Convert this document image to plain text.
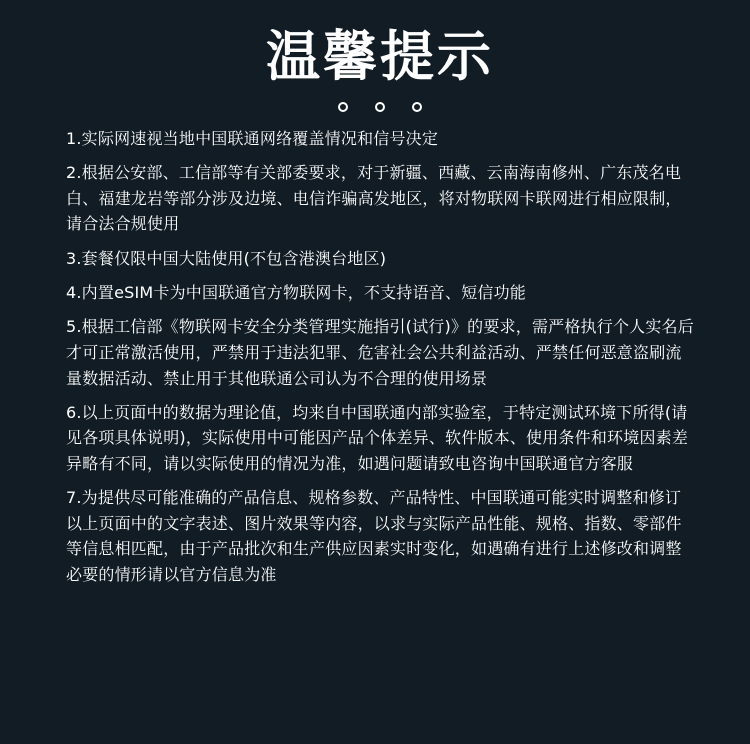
温馨提示

1.实际网速视当地中国联通网络覆盖情况和信号决定

2.根据公安部、工信部等有关部委要求，对于新疆、西藏、云南海南修州、广东茂名电白、福建龙岩等部分涉及边境、电信诈骗高发地区，将对物联网卡联网进行相应限制，请合法合规使用

3.套餐仅限中国大陆使用(不包含港澳台地区)

4.内置eSIM卡为中国联通官方物联网卡，不支持语音、短信功能

5.根据工信部《物联网卡安全分类管理实施指引(试行)》的要求，需严格执行个人实名后才可正常激活使用，严禁用于违法犯罪、危害社会公共利益活动、严禁任何恶意盗刷流量数据活动、禁止用于其他联通公司认为不合理的使用场景

6.以上页面中的数据为理论值，均来自中国联通内部实验室，于特定测试环境下所得(请见各项具体说明)，实际使用中可能因产品个体差异、软件版本、使用条件和环境因素差异略有不同，请以实际使用的情况为准，如遇问题请致电咨询中国联通官方客服

7.为提供尽可能准确的产品信息、规格参数、产品特性、中国联通可能实时调整和修订以上页面中的文字表述、图片效果等内容，以求与实际产品性能、规格、指数、零部件等信息相匹配，由于产品批次和生产供应因素实时变化，如遇确有进行上述修改和调整必要的情形请以官方信息为准
